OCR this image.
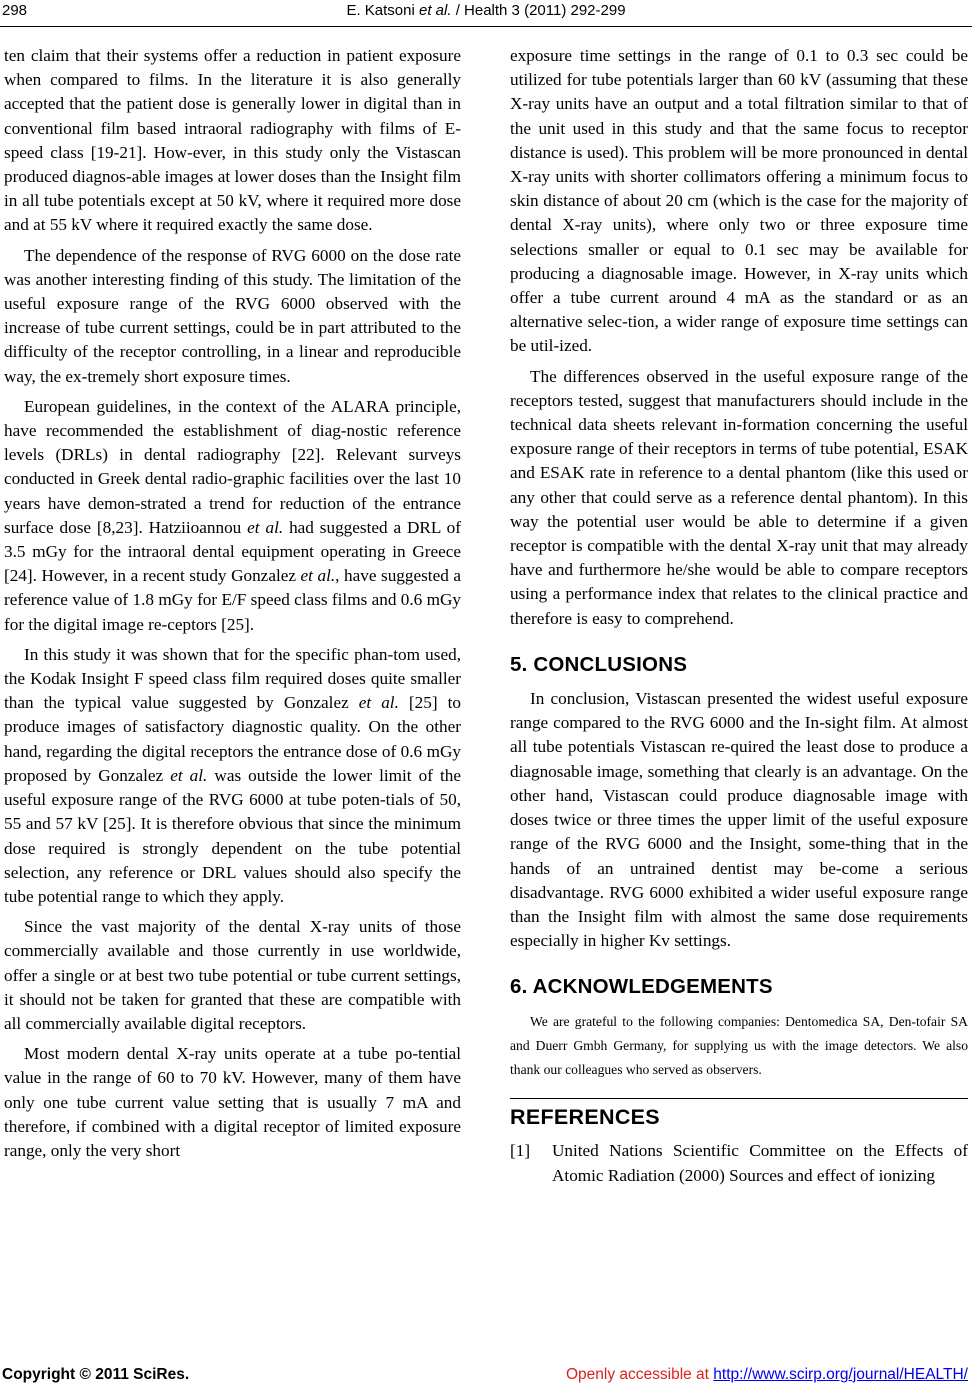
298	E. Katsoni et al. / Health 3 (2011) 292-299

ten claim that their systems offer a reduction in patient exposure when compared to films. In the literature it is also generally accepted that the patient dose is generally lower in digital than in conventional film based intraoral radiography with films of E-speed class [19-21]. How-ever, in this study only the Vistascan produced diagnos-able images at lower doses than the Insight film in all tube potentials except at 50 kV, where it required more dose and at 55 kV where it required exactly the same dose.

The dependence of the response of RVG 6000 on the dose rate was another interesting finding of this study. The limitation of the useful exposure range of the RVG 6000 observed with the increase of tube current settings, could be in part attributed to the difficulty of the receptor controlling, in a linear and reproducible way, the ex-tremely short exposure times.

European guidelines, in the context of the ALARA principle, have recommended the establishment of diag-nostic reference levels (DRLs) in dental radiography [22]. Relevant surveys conducted in Greek dental radio-graphic facilities over the last 10 years have demon-strated a trend for reduction of the entrance surface dose [8,23]. Hatziioannou et al. had suggested a DRL of 3.5 mGy for the intraoral dental equipment operating in Greece [24]. However, in a recent study Gonzalez et al., have suggested a reference value of 1.8 mGy for E/F speed class films and 0.6 mGy for the digital image re-ceptors [25].

In this study it was shown that for the specific phan-tom used, the Kodak Insight F speed class film required doses quite smaller than the typical value suggested by Gonzalez et al. [25] to produce images of satisfactory diagnostic quality. On the other hand, regarding the digital receptors the entrance dose of 0.6 mGy proposed by Gonzalez et al. was outside the lower limit of the useful exposure range of the RVG 6000 at tube poten-tials of 50, 55 and 57 kV [25]. It is therefore obvious that since the minimum dose required is strongly dependent on the tube potential selection, any reference or DRL values should also specify the tube potential range to which they apply.

Since the vast majority of the dental X-ray units of those commercially available and those currently in use worldwide, offer a single or at best two tube potential or tube current settings, it should not be taken for granted that these are compatible with all commercially available digital receptors.

Most modern dental X-ray units operate at a tube po-tential value in the range of 60 to 70 kV. However, many of them have only one tube current value setting that is usually 7 mA and therefore, if combined with a digital receptor of limited exposure range, only the very short

exposure time settings in the range of 0.1 to 0.3 sec could be utilized for tube potentials larger than 60 kV (assuming that these X-ray units have an output and a total filtration similar to that of the unit used in this study and that the same focus to receptor distance is used). This problem will be more pronounced in dental X-ray units with shorter collimators offering a minimum focus to skin distance of about 20 cm (which is the case for the majority of dental X-ray units), where only two or three exposure time selections smaller or equal to 0.1 sec may be available for producing a diagnosable image. However, in X-ray units which offer a tube current around 4 mA as the standard or as an alternative selec-tion, a wider range of exposure time settings can be util-ized.

The differences observed in the useful exposure range of the receptors tested, suggest that manufacturers should include in the technical data sheets relevant in-formation concerning the useful exposure range of their receptors in terms of tube potential, ESAK and ESAK rate in reference to a dental phantom (like this used or any other that could serve as a reference dental phantom). In this way the potential user would be able to determine if a given receptor is compatible with the dental X-ray unit that may already have and furthermore he/she would be able to compare receptors using a performance index that relates to the clinical practice and therefore is easy to comprehend.

5. CONCLUSIONS

In conclusion, Vistascan presented the widest useful exposure range compared to the RVG 6000 and the In-sight film. At almost all tube potentials Vistascan re-quired the least dose to produce a diagnosable image, something that clearly is an advantage. On the other hand, Vistascan could produce diagnosable image with doses twice or three times the upper limit of the useful exposure range of the RVG 6000 and the Insight, some-thing that in the hands of an untrained dentist may be-come a serious disadvantage. RVG 6000 exhibited a wider useful exposure range than the Insight film with almost the same dose requirements especially in higher Kv settings.

6. ACKNOWLEDGEMENTS

We are grateful to the following companies: Dentomedica SA, Den-tofair SA and Duerr Gmbh Germany, for supplying us with the image detectors. We also thank our colleagues who served as observers.

REFERENCES
[1]	United Nations Scientific Committee on the Effects of Atomic Radiation (2000) Sources and effect of ionizing
Copyright © 2011 SciRes.	Openly accessible at http://www.scirp.org/journal/HEALTH/
